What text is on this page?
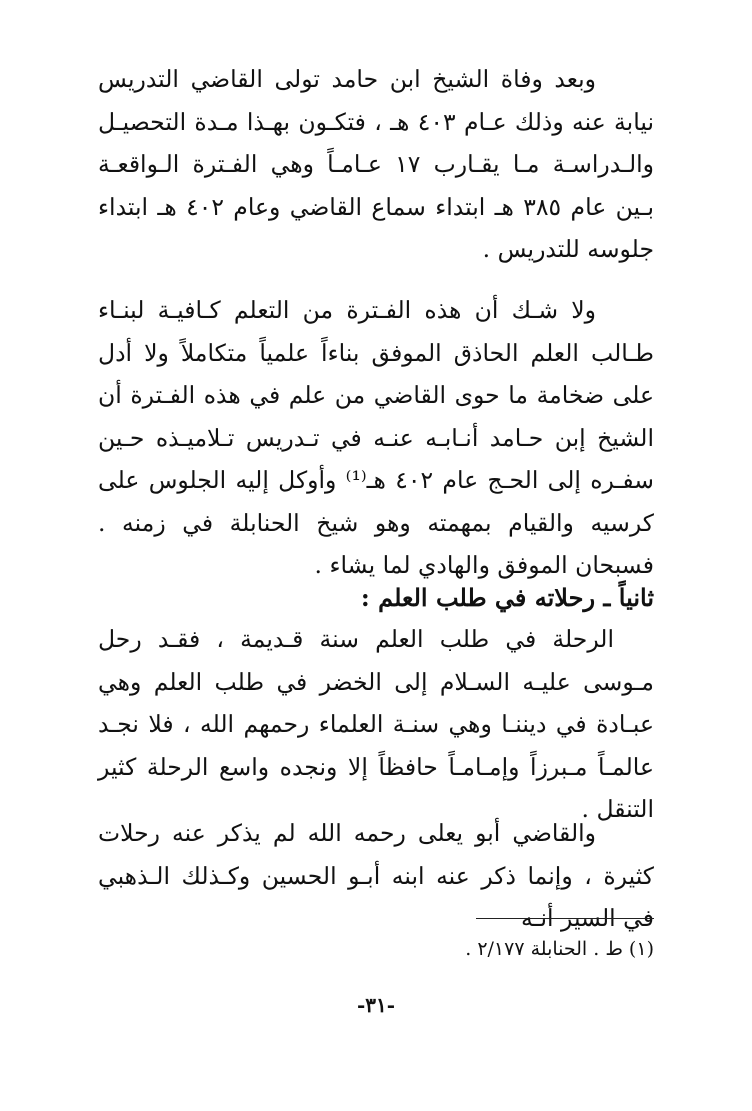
وبعد وفاة الشيخ ابن حامد تولى القاضي التدريس نيابة عنه وذلك عـام ٤٠٣ هـ ، فتكـون بهـذا مـدة التحصيـل والـدراسـة مـا يقـارب ١٧ عـامـاً وهي الفـترة الـواقعـة بـين عام ٣٨٥ هـ ابتداء سماع القاضي وعام ٤٠٢ هـ ابتداء جلوسه للتدريس .

ولا شـك أن هذه الفـترة من التعلم كـافيـة لبنـاء طـالب العلم الحاذق الموفق بناءاً علمياً متكاملاً ولا أدل على ضخامة ما حوى القاضي من علم في هذه الفـترة أن الشيخ إبن حـامد أنـابـه عنـه في تـدريس تـلاميـذه حـين سفـره إلى الحـج عام ٤٠٢ هـ⁽¹⁾ وأوكل إليه الجلوس على كرسيه والقيام بمهمته وهو شيخ الحنابلة في زمنه . فسبحان الموفق والهادي لما يشاء .

ثانياً ـ رحلاته في طلب العلم :

الرحلة في طلب العلم سنة قـديمة ، فقـد رحل مـوسى عليـه السـلام إلى الخضر في طلب العلم وهي عبـادة في ديننـا وهي سنـة العلماء رحمهم الله ، فلا نجـد عالمـاً مـبرزاً وإمـامـاً حافظاً إلا ونجده واسع الرحلة كثير التنقل .

والقاضي أبو يعلى رحمه الله لم يذكر عنه رحلات كثيرة ، وإنما ذكر عنه ابنه أبـو الحسين وكـذلك الـذهبي في السير أنـه

(١) ط . الحنابلة ٢/١٧٧ .
-٣١-
